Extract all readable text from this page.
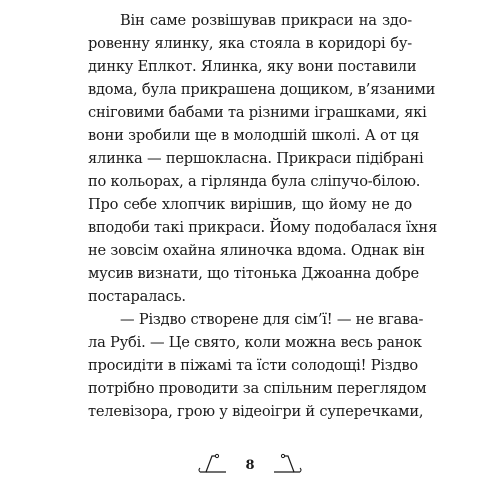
Він саме розвішував прикраси на здо-
ровенну ялинку, яка стояла в коридорі бу-
динку Еплкот. Ялинка, яку вони поставили
вдома, була прикрашена дощиком, в’язаними
сніговими бабами та різними іграшками, які
вони зробили ще в молодшій школі. А от ця
ялинка — першокласна. Прикраси підібрані
по кольорах, а гірлянда була сліпучо-білою.
Про себе хлопчик вирішив, що йому не до
вподоби такі прикраси. Йому подобалася їхня
не зовсім охайна ялиночка вдома. Однак він
мусив визнати, що тітонька Джоанна добре
постаралась.
— Різдво створене для сім’ї! — не вгава-
ла Рубі. — Це свято, коли можна весь ранок
просидіти в піжамі та їсти солодощі! Різдво
потрібно проводити за спільним переглядом
телевізора, грою у відеоігри й суперечками,
8
